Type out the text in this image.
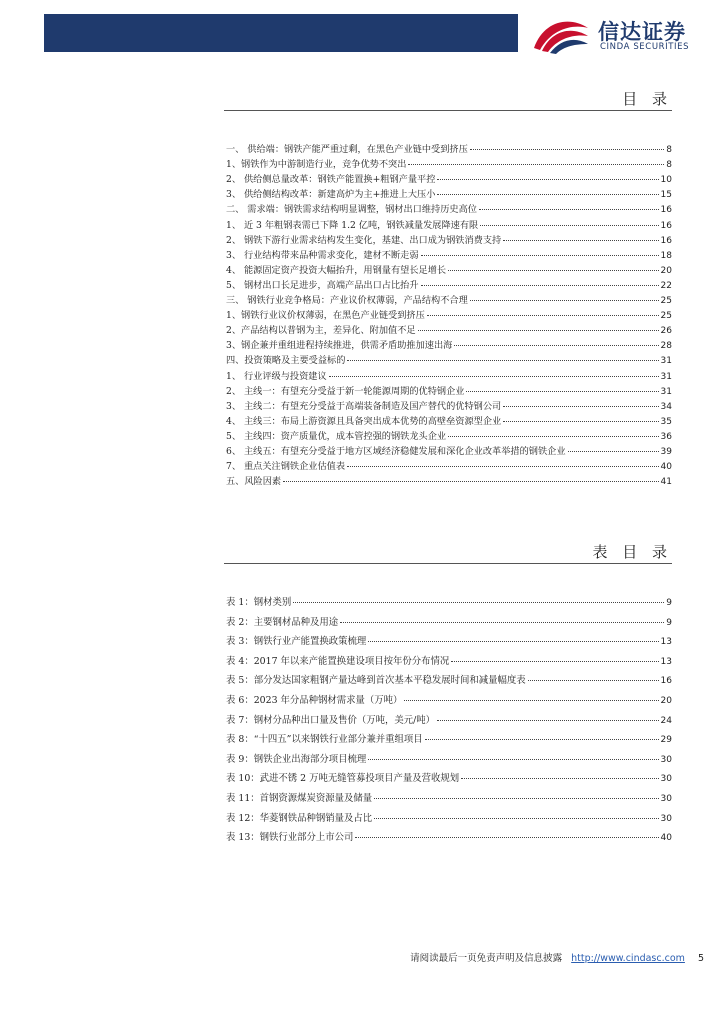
信达证券
CINDA SECURITIES
目 录
一、 供给端：钢铁产能严重过剩，在黑色产业链中受到挤压	8
1、钢铁作为中游制造行业，竞争优势不突出	8
2、 供给侧总量改革：钢铁产能置换+粗钢产量平控	10
3、 供给侧结构改革：新建高炉为主+推进上大压小	15
二、 需求端：钢铁需求结构明显调整，钢材出口维持历史高位	16
1、 近 3 年粗钢表需已下降 1.2 亿吨，钢铁减量发展降速有限	16
2、 钢铁下游行业需求结构发生变化，基建、出口成为钢铁消费支持	16
3、 行业结构带来品种需求变化，建材不断走弱	18
4、 能源固定资产投资大幅抬升，用钢量有望长足增长	20
5、 钢材出口长足进步，高端产品出口占比抬升	22
三、 钢铁行业竞争格局：产业议价权薄弱，产品结构不合理	25
1、钢铁行业议价权薄弱，在黑色产业链受到挤压	25
2、产品结构以普钢为主，差异化、附加值不足	26
3、钢企兼并重组进程持续推进，供需矛盾助推加速出海	28
四、投资策略及主要受益标的	31
1、 行业评级与投资建议	31
2、 主线一：有望充分受益于新一轮能源周期的优特钢企业	31
3、 主线二：有望充分受益于高端装备制造及国产替代的优特钢公司	34
4、 主线三：布局上游资源且具备突出成本优势的高壁垒资源型企业	35
5、 主线四：资产质量优，成本管控强的钢铁龙头企业	36
6、 主线五：有望充分受益于地方区域经济稳健发展和深化企业改革举措的钢铁企业	39
7、 重点关注钢铁企业估值表	40
五、风险因素	41
表 目 录
表 1：钢材类别	9
表 2：主要钢材品种及用途	9
表 3：钢铁行业产能置换政策梳理	13
表 4：2017 年以来产能置换建设项目按年份分布情况	13
表 5：部分发达国家粗钢产量达峰到首次基本平稳发展时间和减量幅度表	16
表 6：2023 年分品种钢材需求量（万吨）	20
表 7：钢材分品种出口量及售价（万吨，美元/吨）	24
表 8：“十四五”以来钢铁行业部分兼并重组项目	29
表 9：钢铁企业出海部分项目梳理	30
表 10：武进不锈 2 万吨无缝管募投项目产量及营收规划	30
表 11：首钢资源煤炭资源量及储量	30
表 12：华菱钢铁品种钢销量及占比	30
表 13：钢铁行业部分上市公司	40
请阅读最后一页免责声明及信息披露 http://www.cindasc.com 5
